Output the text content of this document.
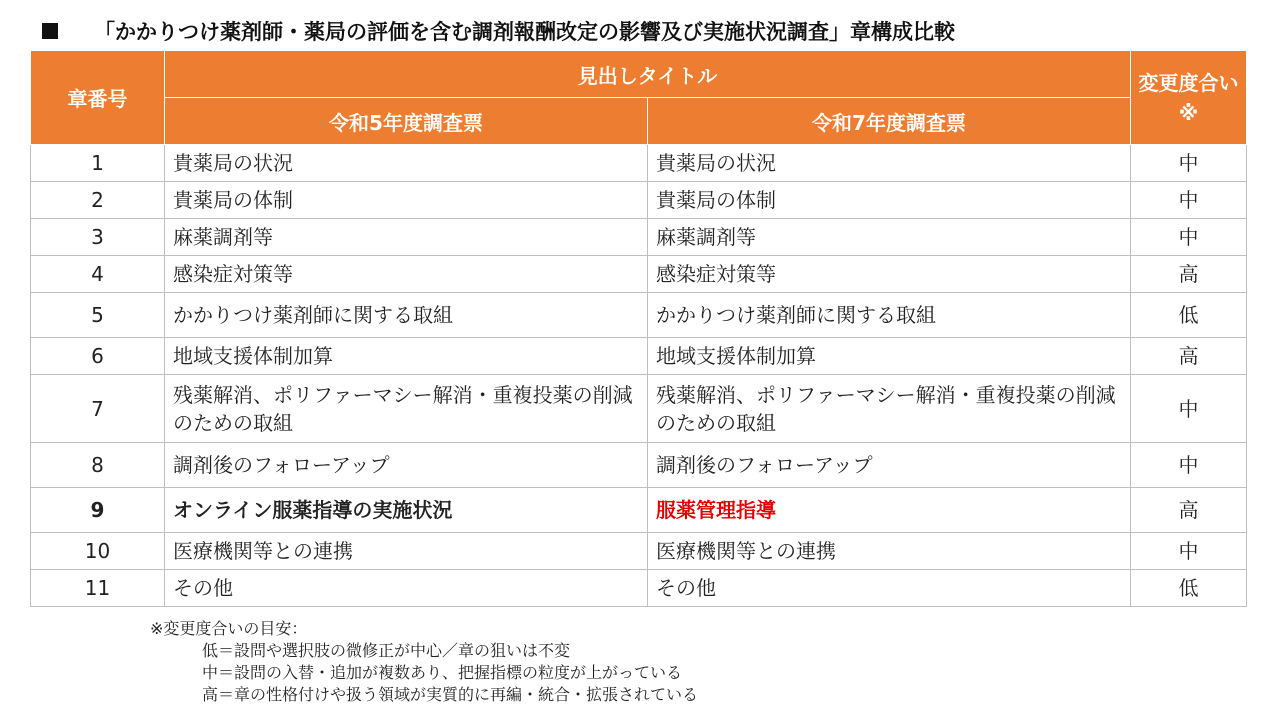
「かかりつけ薬剤師・薬局の評価を含む調剤報酬改定の影響及び実施状況調査」章構成比較
章番号	見出しタイトル		変更度合い※
	令和5年度調査票	令和7年度調査票	
1	貴薬局の状況	貴薬局の状況	中
2	貴薬局の体制	貴薬局の体制	中
3	麻薬調剤等	麻薬調剤等	中
4	感染症対策等	感染症対策等	高
5	かかりつけ薬剤師に関する取組	かかりつけ薬剤師に関する取組	低
6	地域支援体制加算	地域支援体制加算	高
7	残薬解消、ポリファーマシー解消・重複投薬の削減のための取組	残薬解消、ポリファーマシー解消・重複投薬の削減のための取組	中
8	調剤後のフォローアップ	調剤後のフォローアップ	中
9	オンライン服薬指導の実施状況	服薬管理指導	高
10	医療機関等との連携	医療機関等との連携	中
11	その他	その他	低
※変更度合いの目安：
低＝設問や選択肢の微修正が中心／章の狙いは不変
中＝設問の入替・追加が複数あり、把握指標の粒度が上がっている
高＝章の性格付けや扱う領域が実質的に再編・統合・拡張されている
